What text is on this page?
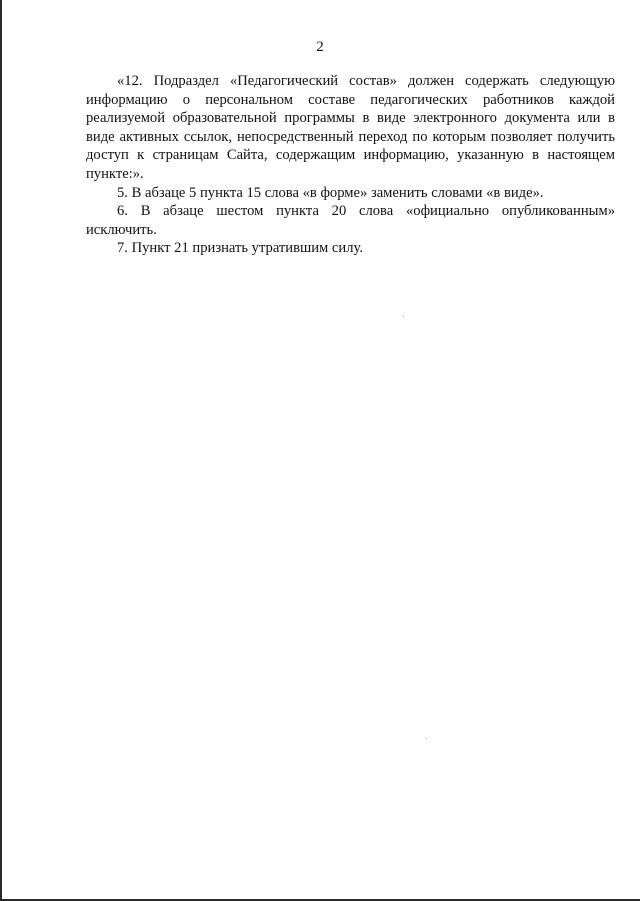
2

«12. Подраздел «Педагогический состав» должен содержать следующую информацию о персональном составе педагогических работников каждой реализуемой образовательной программы в виде электронного документа или в виде активных ссылок, непосредственный переход по которым позволяет получить доступ к страницам Сайта, содержащим информацию, указанную в настоящем пункте:».

5. В абзаце 5 пункта 15 слова «в форме» заменить словами «в виде».

6. В абзаце шестом пункта 20 слова «официально опубликованным» исключить.

7. Пункт 21 признать утратившим силу.
